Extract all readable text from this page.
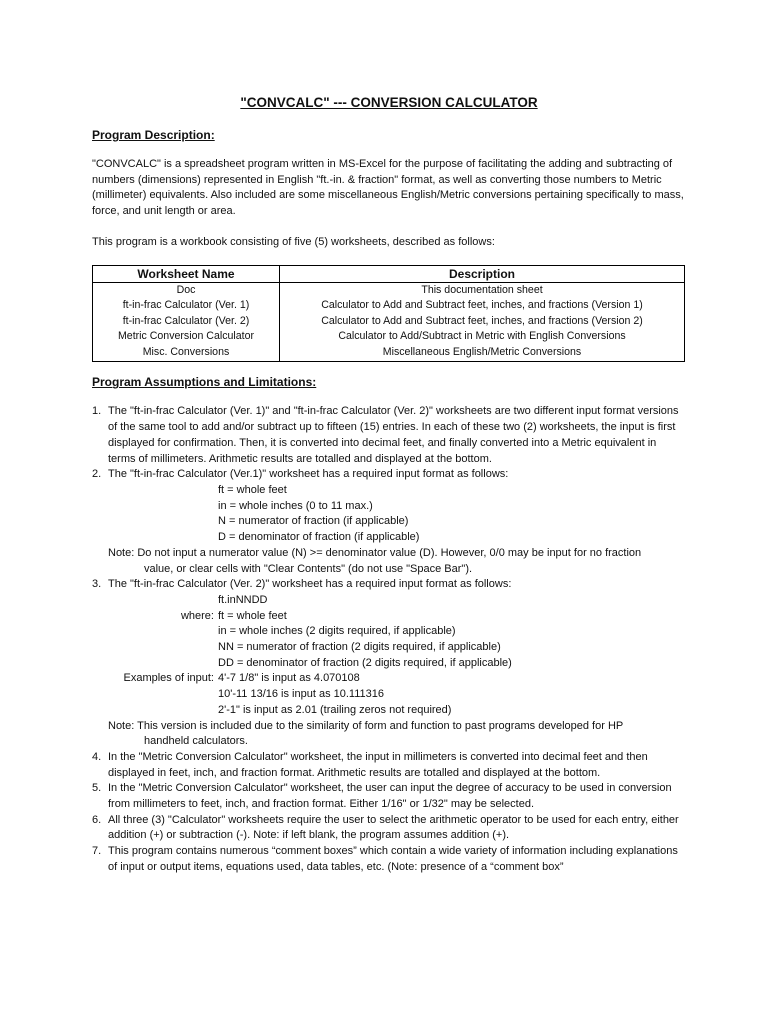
"CONVCALC" --- CONVERSION CALCULATOR
Program Description:

"CONVCALC" is a spreadsheet program written in MS-Excel for the purpose of facilitating the adding and subtracting of numbers (dimensions) represented in English "ft.-in. & fraction" format, as well as converting those numbers to Metric (millimeter) equivalents. Also included are some miscellaneous English/Metric conversions pertaining specifically to mass, force, and unit length or area.

This program is a workbook consisting of five (5) worksheets, described as follows:

Worksheet Name	Description
Doc	This documentation sheet
ft-in-frac Calculator (Ver. 1)	Calculator to Add and Subtract feet, inches, and fractions (Version 1)
ft-in-frac Calculator (Ver. 2)	Calculator to Add and Subtract feet, inches, and fractions (Version 2)
Metric Conversion Calculator	Calculator to Add/Subtract in Metric with English Conversions
Misc. Conversions	Miscellaneous English/Metric Conversions
Program Assumptions and Limitations:
1. The "ft-in-frac Calculator (Ver. 1)" and "ft-in-frac Calculator (Ver. 2)" worksheets are two different input format versions of the same tool to add and/or subtract up to fifteen (15) entries. In each of these two (2) worksheets, the input is first displayed for confirmation. Then, it is converted into decimal feet, and finally converted into a Metric equivalent in terms of millimeters. Arithmetic results are totalled and displayed at the bottom.
2. The "ft-in-frac Calculator (Ver.1)" worksheet has a required input format as follows:
ft = whole feet
in = whole inches (0 to 11 max.)
N = numerator of fraction (if applicable)
D = denominator of fraction (if applicable)
Note: Do not input a numerator value (N) >= denominator value (D). However, 0/0 may be input for no fraction
value, or clear cells with "Clear Contents" (do not use "Space Bar").
3. The "ft-in-frac Calculator (Ver. 2)" worksheet has a required input format as follows:
ft.inNNDD
where: ft = whole feet
in = whole inches (2 digits required, if applicable)
NN = numerator of fraction (2 digits required, if applicable)
DD = denominator of fraction (2 digits required, if applicable)
Examples of input: 4'-7 1/8" is input as 4.070108
10'-11 13/16 is input as 10.111316
2'-1" is input as 2.01 (trailing zeros not required)
Note: This version is included due to the similarity of form and function to past programs developed for HP
handheld calculators.
4. In the "Metric Conversion Calculator" worksheet, the input in millimeters is converted into decimal feet and then displayed in feet, inch, and fraction format. Arithmetic results are totalled and displayed at the bottom.
5. In the "Metric Conversion Calculator" worksheet, the user can input the degree of accuracy to be used in conversion from millimeters to feet, inch, and fraction format. Either 1/16" or 1/32" may be selected.
6. All three (3) "Calculator" worksheets require the user to select the arithmetic operator to be used for each entry, either addition (+) or subtraction (-). Note: if left blank, the program assumes addition (+).
7. This program contains numerous “comment boxes” which contain a wide variety of information including explanations of input or output items, equations used, data tables, etc. (Note: presence of a “comment box”
